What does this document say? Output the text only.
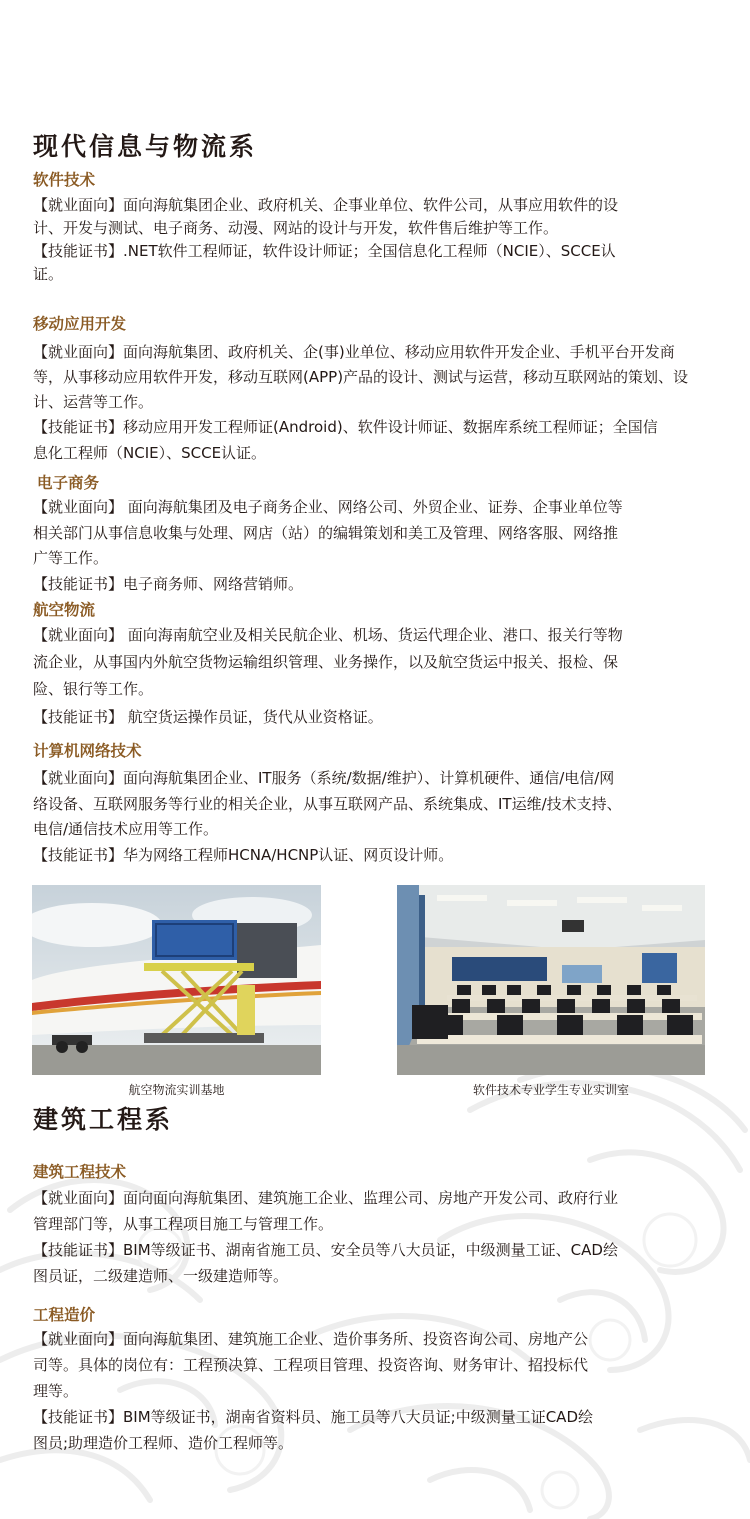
现代信息与物流系
软件技术
【就业面向】面向海航集团企业、政府机关、企事业单位、软件公司，从事应用软件的设
计、开发与测试、电子商务、动漫、网站的设计与开发，软件售后维护等工作。
【技能证书】.NET软件工程师证，软件设计师证；全国信息化工程师（NCIE）、SCCE认
证。
移动应用开发
【就业面向】面向海航集团、政府机关、企(事)业单位、移动应用软件开发企业、手机平台开发商
等，从事移动应用软件开发，移动互联网(APP)产品的设计、测试与运营，移动互联网站的策划、设
计、运营等工作。
【技能证书】移动应用开发工程师证(Android)、软件设计师证、数据库系统工程师证；全国信
息化工程师（NCIE）、SCCE认证。
电子商务
【就业面向】 面向海航集团及电子商务企业、网络公司、外贸企业、证券、企事业单位等
相关部门从事信息收集与处理、网店（站）的编辑策划和美工及管理、网络客服、网络推
广等工作。
【技能证书】电子商务师、网络营销师。
航空物流
【就业面向】 面向海南航空业及相关民航企业、机场、货运代理企业、港口、报关行等物
流企业，从事国内外航空货物运输组织管理、业务操作，以及航空货运中报关、报检、保
险、银行等工作。
【技能证书】 航空货运操作员证，货代从业资格证。
计算机网络技术
【就业面向】面向海航集团企业、IT服务（系统/数据/维护）、计算机硬件、通信/电信/网
络设备、互联网服务等行业的相关企业，从事互联网产品、系统集成、IT运维/技术支持、
电信/通信技术应用等工作。
【技能证书】华为网络工程师HCNA/HCNP认证、网页设计师。
航空物流实训基地	软件技术专业学生专业实训室
建筑工程系
建筑工程技术
【就业面向】面向面向海航集团、建筑施工企业、监理公司、房地产开发公司、政府行业
管理部门等，从事工程项目施工与管理工作。
【技能证书】BIM等级证书、湖南省施工员、安全员等八大员证，中级测量工证、CAD绘
图员证，二级建造师、一级建造师等。
工程造价
【就业面向】面向海航集团、建筑施工企业、造价事务所、投资咨询公司、房地产公
司等。具体的岗位有：工程预决算、工程项目管理、投资咨询、财务审计、招投标代
理等。
【技能证书】BIM等级证书，湖南省资料员、施工员等八大员证;中级测量工证CAD绘
图员;助理造价工程师、造价工程师等。
